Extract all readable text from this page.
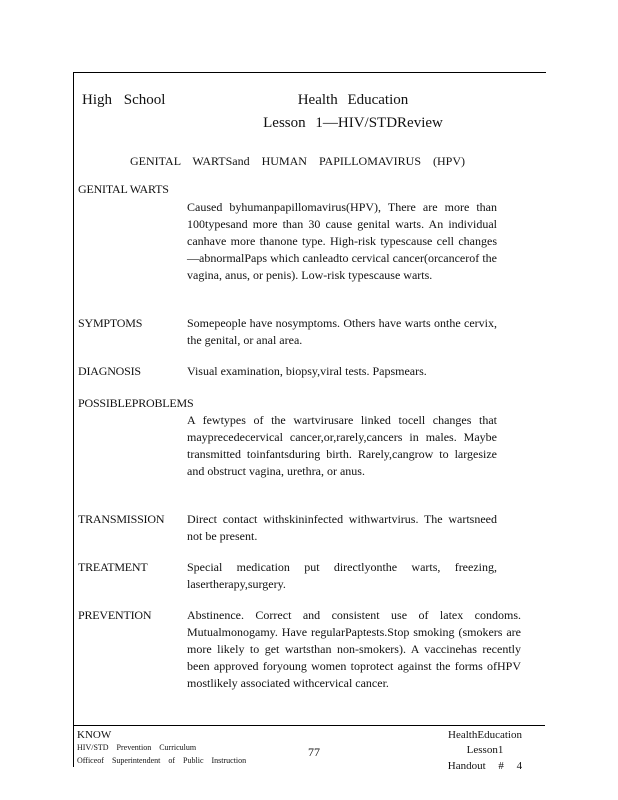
High School	Health Education
Lesson 1—HIV/STDReview
GENITAL WARTSand HUMAN PAPILLOMAVIRUS (HPV)
GENITAL WARTS
Caused byhumanpapillomavirus(HPV), There are more than 100typesand more than 30 cause genital warts. An individual canhave more thanone type. High-risk typescause cell changes —abnormalPaps which canleadto cervical cancer(orcancerof the vagina, anus, or penis). Low-risk typescause warts.
SYMPTOMS	Somepeople have nosymptoms. Others have warts onthe cervix, the genital, or anal area.
DIAGNOSIS	Visual examination, biopsy,viral tests. Papsmears.
POSSIBLEPROBLEMS
A fewtypes of the wartvirusare linked tocell changes that mayprecedecervical cancer,or,rarely,cancers in males. Maybe transmitted toinfantsduring birth. Rarely,cangrow to largesize and obstruct vagina, urethra, or anus.
TRANSMISSION Direct contact withskininfected withwartvirus. The wartsneed not be present.
TREATMENT	Special medication put directlyonthe warts, freezing, lasertherapy,surgery.
PREVENTION	Abstinence. Correct and consistent use of latex condoms. Mutualmonogamy. Have regularPaptests.Stop smoking (smokers are more likely to get wartsthan non-smokers). A vaccinehas recently been approved foryoung women toprotect against the forms ofHPV mostlikely associated withcervical cancer.
KNOW
HIV/STD Prevention Curriculum
Officeof Superintendent of Public Instruction
77
HealthEducation
Lesson1
Handout # 4
